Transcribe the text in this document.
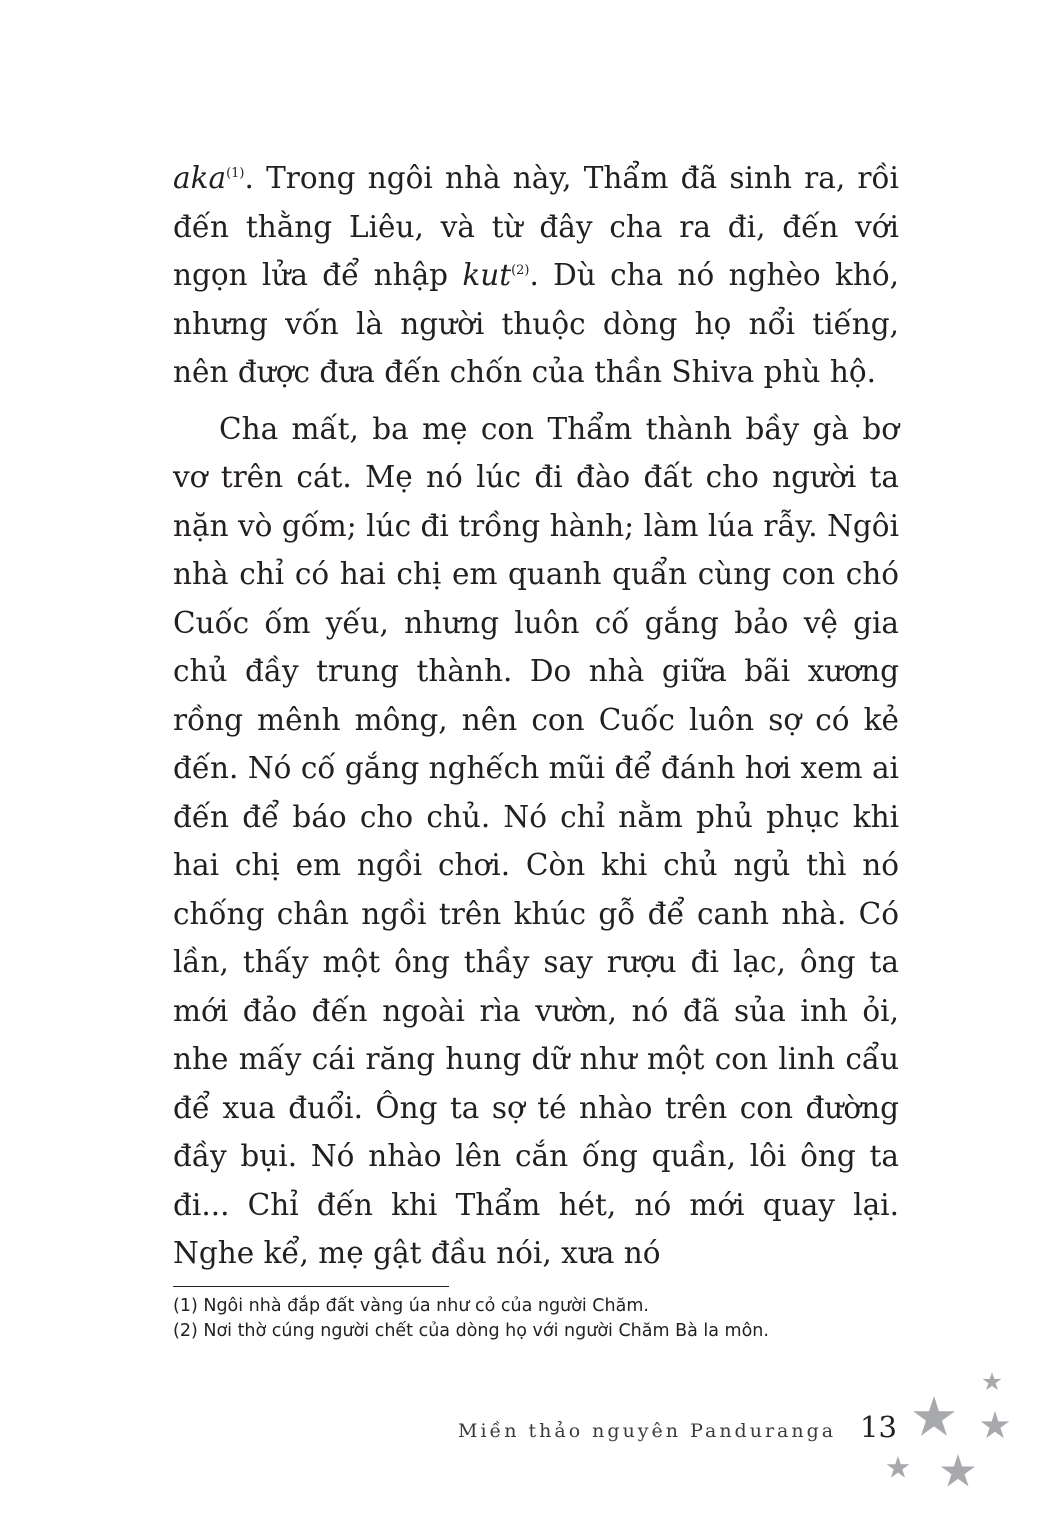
aka$^{(1)}$. Trong ngôi nhà này, Thẩm đã sinh ra, rồi đến thằng Liêu, và từ đây cha ra đi, đến với ngọn lửa để nhập kut$^{(2)}$. Dù cha nó nghèo khó, nhưng vốn là người thuộc dòng họ nổi tiếng, nên được đưa đến chốn của thần Shiva phù hộ.

Cha mất, ba mẹ con Thẩm thành bầy gà bơ vơ trên cát. Mẹ nó lúc đi đào đất cho người ta nặn vò gốm; lúc đi trồng hành; làm lúa rẫy. Ngôi nhà chỉ có hai chị em quanh quẩn cùng con chó Cuốc ốm yếu, nhưng luôn cố gắng bảo vệ gia chủ đầy trung thành. Do nhà giữa bãi xương rồng mênh mông, nên con Cuốc luôn sợ có kẻ đến. Nó cố gắng nghếch mũi để đánh hơi xem ai đến để báo cho chủ. Nó chỉ nằm phủ phục khi hai chị em ngồi chơi. Còn khi chủ ngủ thì nó chống chân ngồi trên khúc gỗ để canh nhà. Có lần, thấy một ông thầy say rượu đi lạc, ông ta mới đảo đến ngoài rìa vườn, nó đã sủa inh ỏi, nhe mấy cái răng hung dữ như một con linh cẩu để xua đuổi. Ông ta sợ té nhào trên con đường đầy bụi. Nó nhào lên cắn ống quần, lôi ông ta đi... Chỉ đến khi Thẩm hét, nó mới quay lại. Nghe kể, mẹ gật đầu nói, xưa nó

(1) Ngôi nhà đắp đất vàng úa như cỏ của người Chăm.
(2) Nơi thờ cúng người chết của dòng họ với người Chăm Bà la môn.
Miền thảo nguyên Panduranga 13
